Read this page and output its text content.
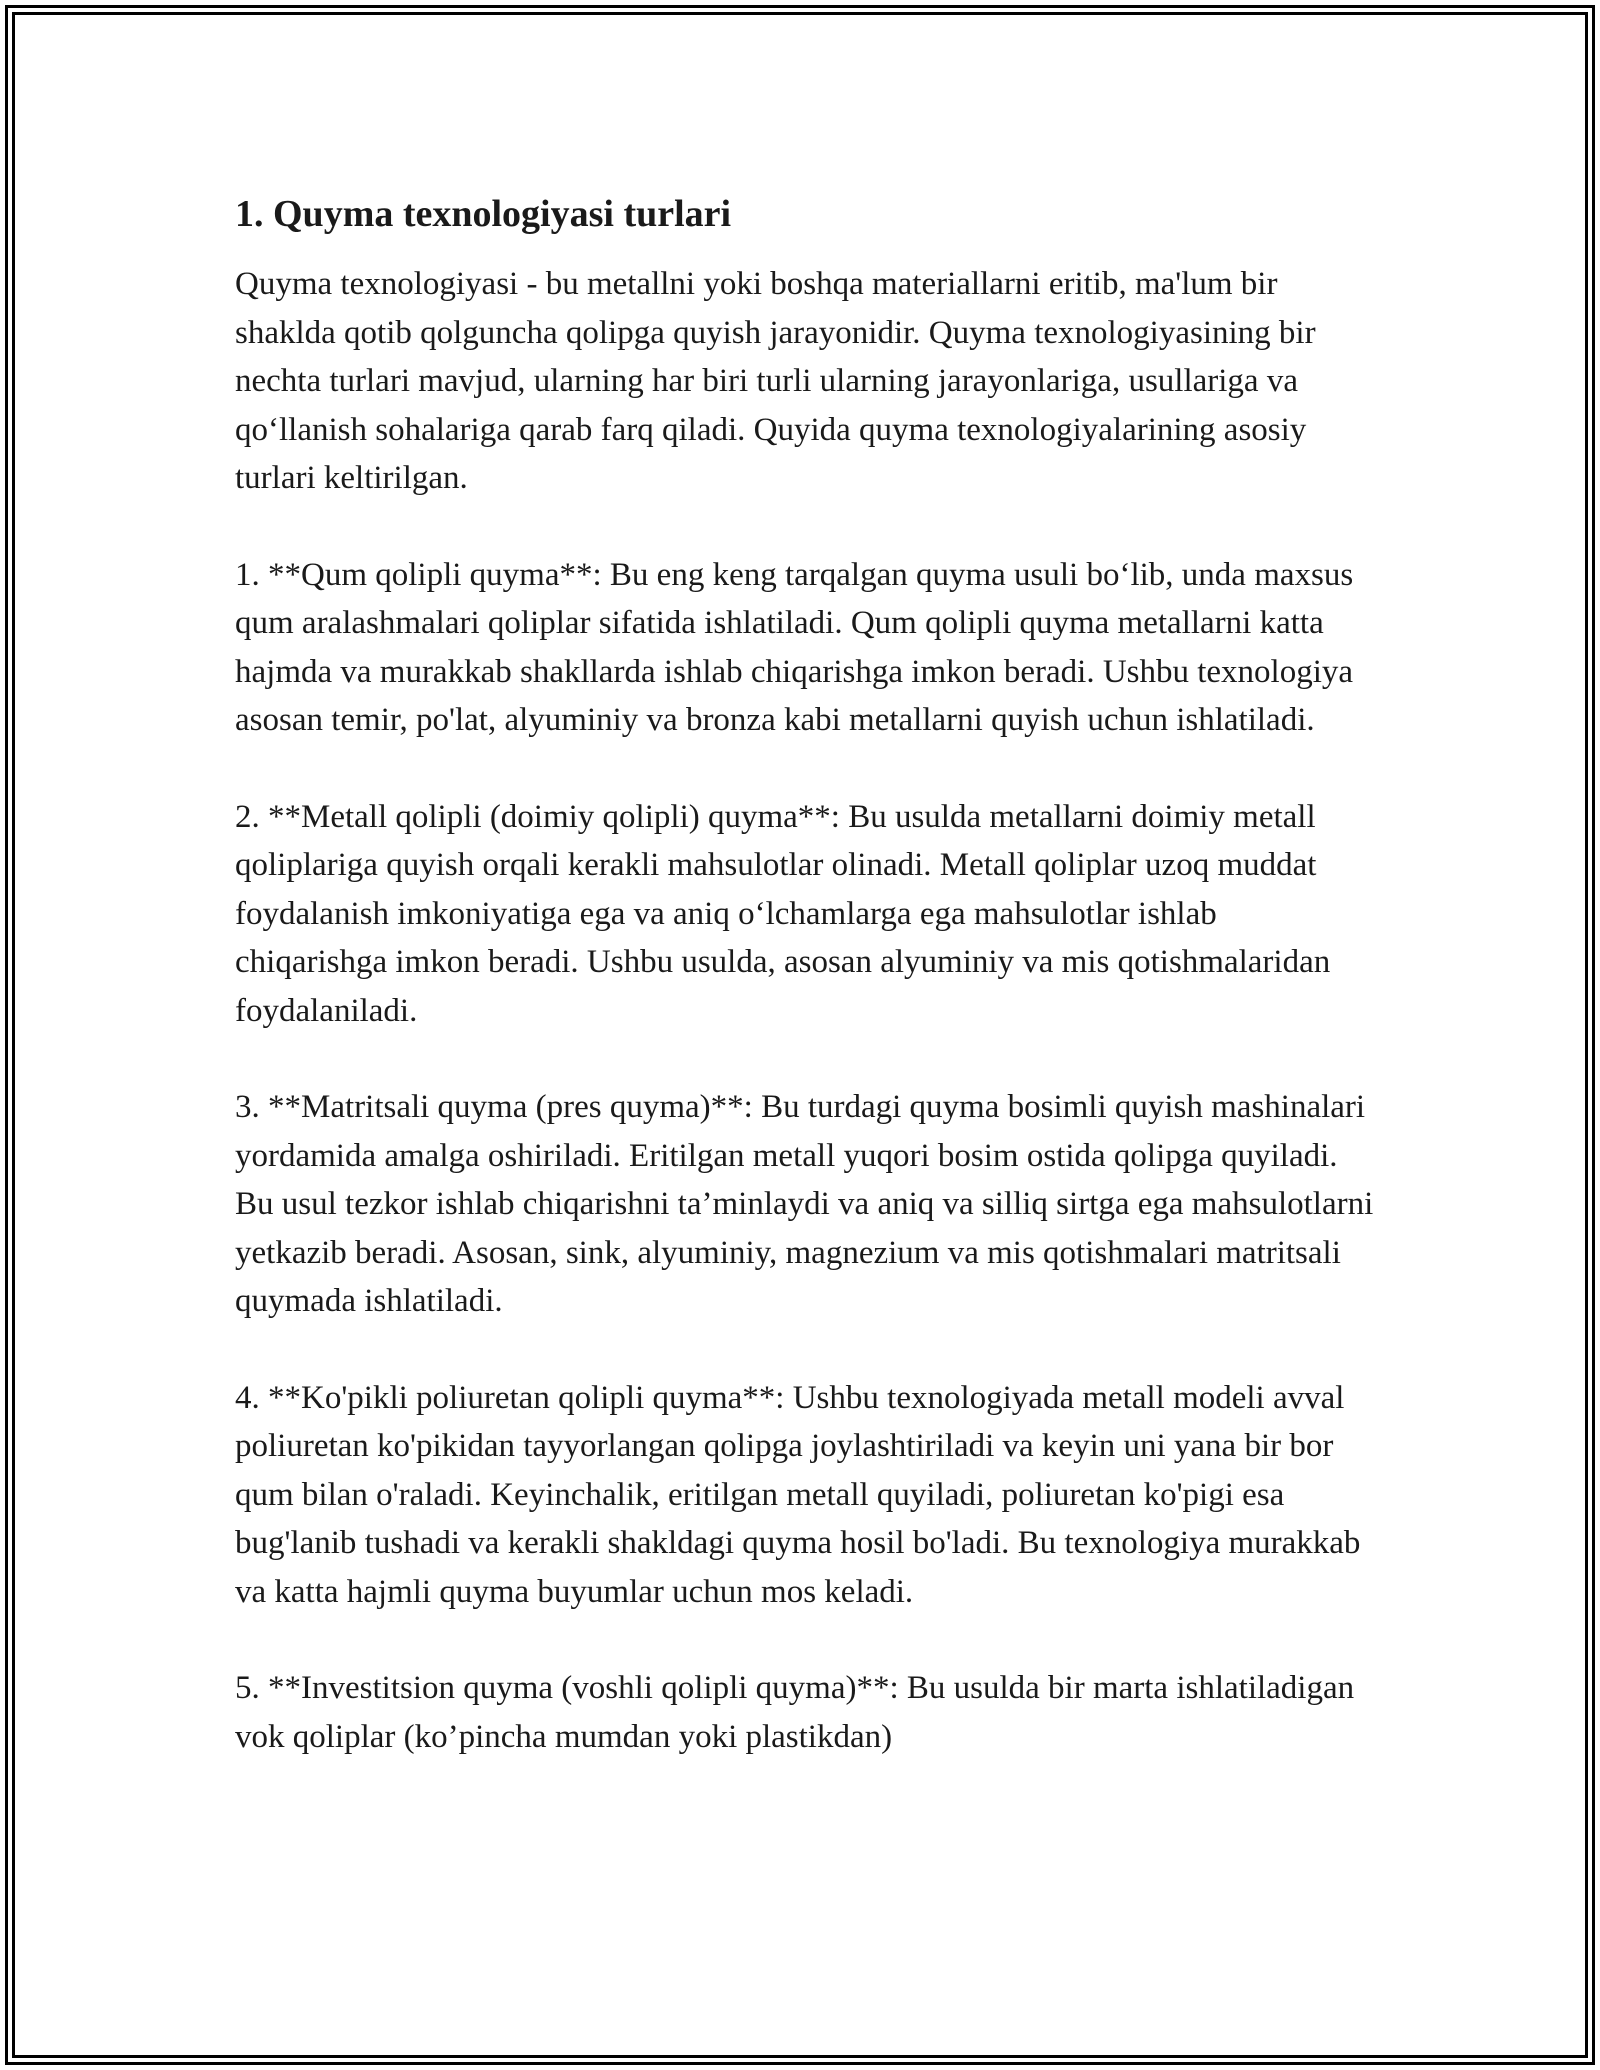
1. Quyma texnologiyasi turlari

Quyma texnologiyasi - bu metallni yoki boshqa materiallarni eritib, ma'lum bir shaklda qotib qolguncha qolipga quyish jarayonidir. Quyma texnologiyasining bir nechta turlari mavjud, ularning har biri turli ularning jarayonlariga, usullariga va qo‘llanish sohalariga qarab farq qiladi. Quyida quyma texnologiyalarining asosiy turlari keltirilgan.

1. **Qum qolipli quyma**: Bu eng keng tarqalgan quyma usuli bo‘lib, unda maxsus qum aralashmalari qoliplar sifatida ishlatiladi. Qum qolipli quyma metallarni katta hajmda va murakkab shakllarda ishlab chiqarishga imkon beradi. Ushbu texnologiya asosan temir, po'lat, alyuminiy va bronza kabi metallarni quyish uchun ishlatiladi.

2. **Metall qolipli (doimiy qolipli) quyma**: Bu usulda metallarni doimiy metall qoliplariga quyish orqali kerakli mahsulotlar olinadi. Metall qoliplar uzoq muddat foydalanish imkoniyatiga ega va aniq o‘lchamlarga ega mahsulotlar ishlab chiqarishga imkon beradi. Ushbu usulda, asosan alyuminiy va mis qotishmalaridan foydalaniladi.

3. **Matritsali quyma (pres quyma)**: Bu turdagi quyma bosimli quyish mashinalari yordamida amalga oshiriladi. Eritilgan metall yuqori bosim ostida qolipga quyiladi. Bu usul tezkor ishlab chiqarishni ta’minlaydi va aniq va silliq sirtga ega mahsulotlarni yetkazib beradi. Asosan, sink, alyuminiy, magnezium va mis qotishmalari matritsali quymada ishlatiladi.

4. **Ko'pikli poliuretan qolipli quyma**: Ushbu texnologiyada metall modeli avval poliuretan ko'pikidan tayyorlangan qolipga joylashtiriladi va keyin uni yana bir bor qum bilan o'raladi. Keyinchalik, eritilgan metall quyiladi, poliuretan ko'pigi esa bug'lanib tushadi va kerakli shakldagi quyma hosil bo'ladi. Bu texnologiya murakkab va katta hajmli quyma buyumlar uchun mos keladi.

5. **Investitsion quyma (voshli qolipli quyma)**: Bu usulda bir marta ishlatiladigan vok qoliplar (ko’pincha mumdan yoki plastikdan)
